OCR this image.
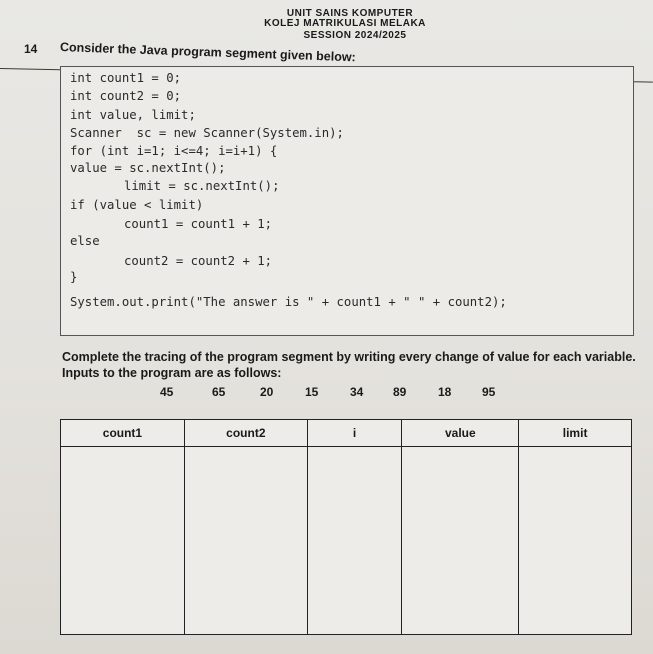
UNIT SAINS KOMPUTER
KOLEJ MATRIKULASI MELAKA
SESSION 2024/2025
14 Consider the Java program segment given below:
int count1 = 0;
int count2 = 0;
int value, limit;
Scanner  sc = new Scanner(System.in);
for (int i=1; i<=4; i=i+1) {
value = sc.nextInt();
limit = sc.nextInt();
if (value < limit)
count1 = count1 + 1;
else
count2 = count2 + 1;
}
System.out.print("The answer is " + count1 + " " + count2);
Complete the tracing of the program segment by writing every change of value for each variable.
Inputs to the program are as follows:
45	65	20	15	34 89	18	95
count1	count2	i	value	limit
